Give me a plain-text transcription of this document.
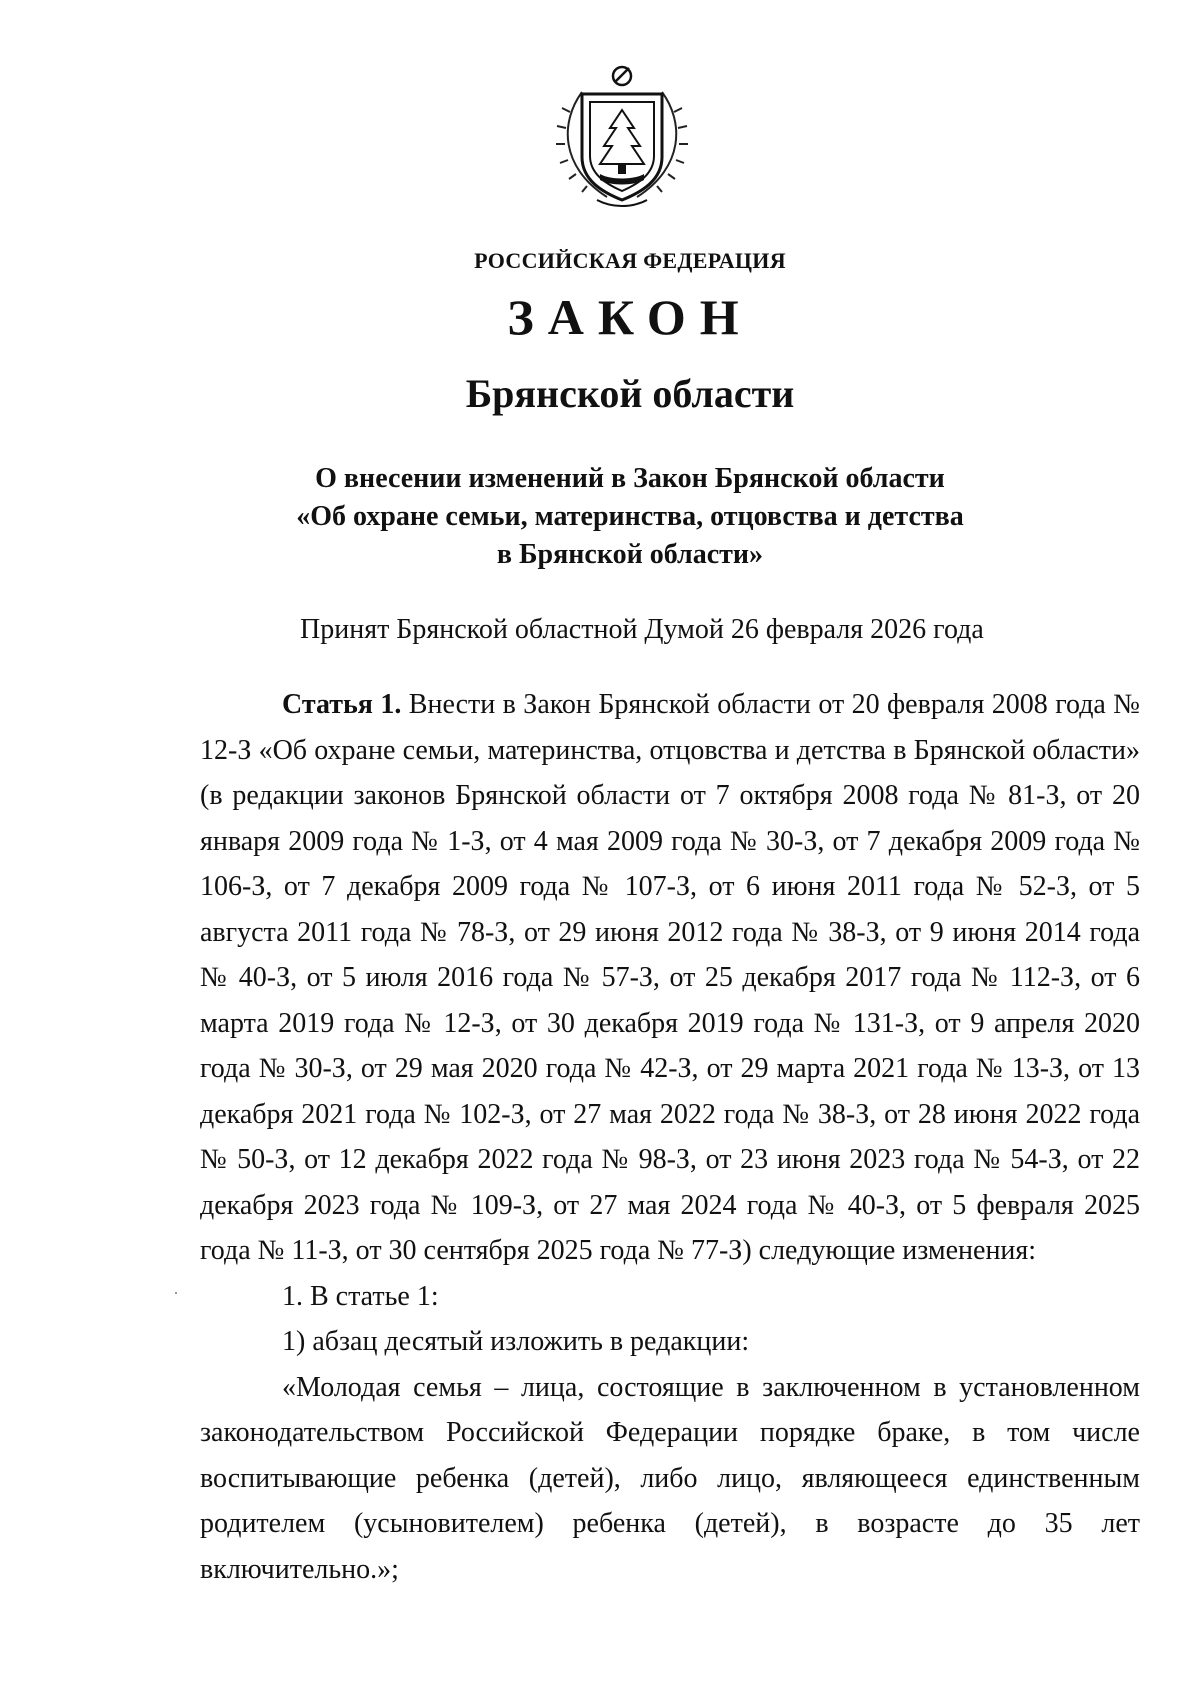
РОССИЙСКАЯ ФЕДЕРАЦИЯ
ЗАКОН
Брянской области
О внесении изменений в Закон Брянской области
«Об охране семьи, материнства, отцовства и детства
в Брянской области»
Принят Брянской областной Думой 26 февраля 2026 года

Статья 1. Внести в Закон Брянской области от 20 февраля 2008 года № 12-З «Об охране семьи, материнства, отцовства и детства в Брянской области» (в редакции законов Брянской области от 7 октября 2008 года № 81-З, от 20 января 2009 года № 1-З, от 4 мая 2009 года № 30-З, от 7 декабря 2009 года № 106-З, от 7 декабря 2009 года № 107-З, от 6 июня 2011 года № 52-З, от 5 августа 2011 года № 78-З, от 29 июня 2012 года № 38-З, от 9 июня 2014 года № 40-З, от 5 июля 2016 года № 57-З, от 25 декабря 2017 года № 112-З, от 6 марта 2019 года № 12-З, от 30 декабря 2019 года № 131-З, от 9 апреля 2020 года № 30-З, от 29 мая 2020 года № 42-З, от 29 марта 2021 года № 13-З, от 13 декабря 2021 года № 102-З, от 27 мая 2022 года № 38-З, от 28 июня 2022 года № 50-З, от 12 декабря 2022 года № 98-З, от 23 июня 2023 года № 54-З, от 22 декабря 2023 года № 109-З, от 27 мая 2024 года № 40-З, от 5 февраля 2025 года № 11-З, от 30 сентября 2025 года № 77-З) следующие изменения:

1. В статье 1:

1) абзац десятый изложить в редакции:

«Молодая семья – лица, состоящие в заключенном в установленном законодательством Российской Федерации порядке браке, в том числе воспитывающие ребенка (детей), либо лицо, являющееся единственным родителем (усыновителем) ребенка (детей), в возрасте до 35 лет включительно.»;
